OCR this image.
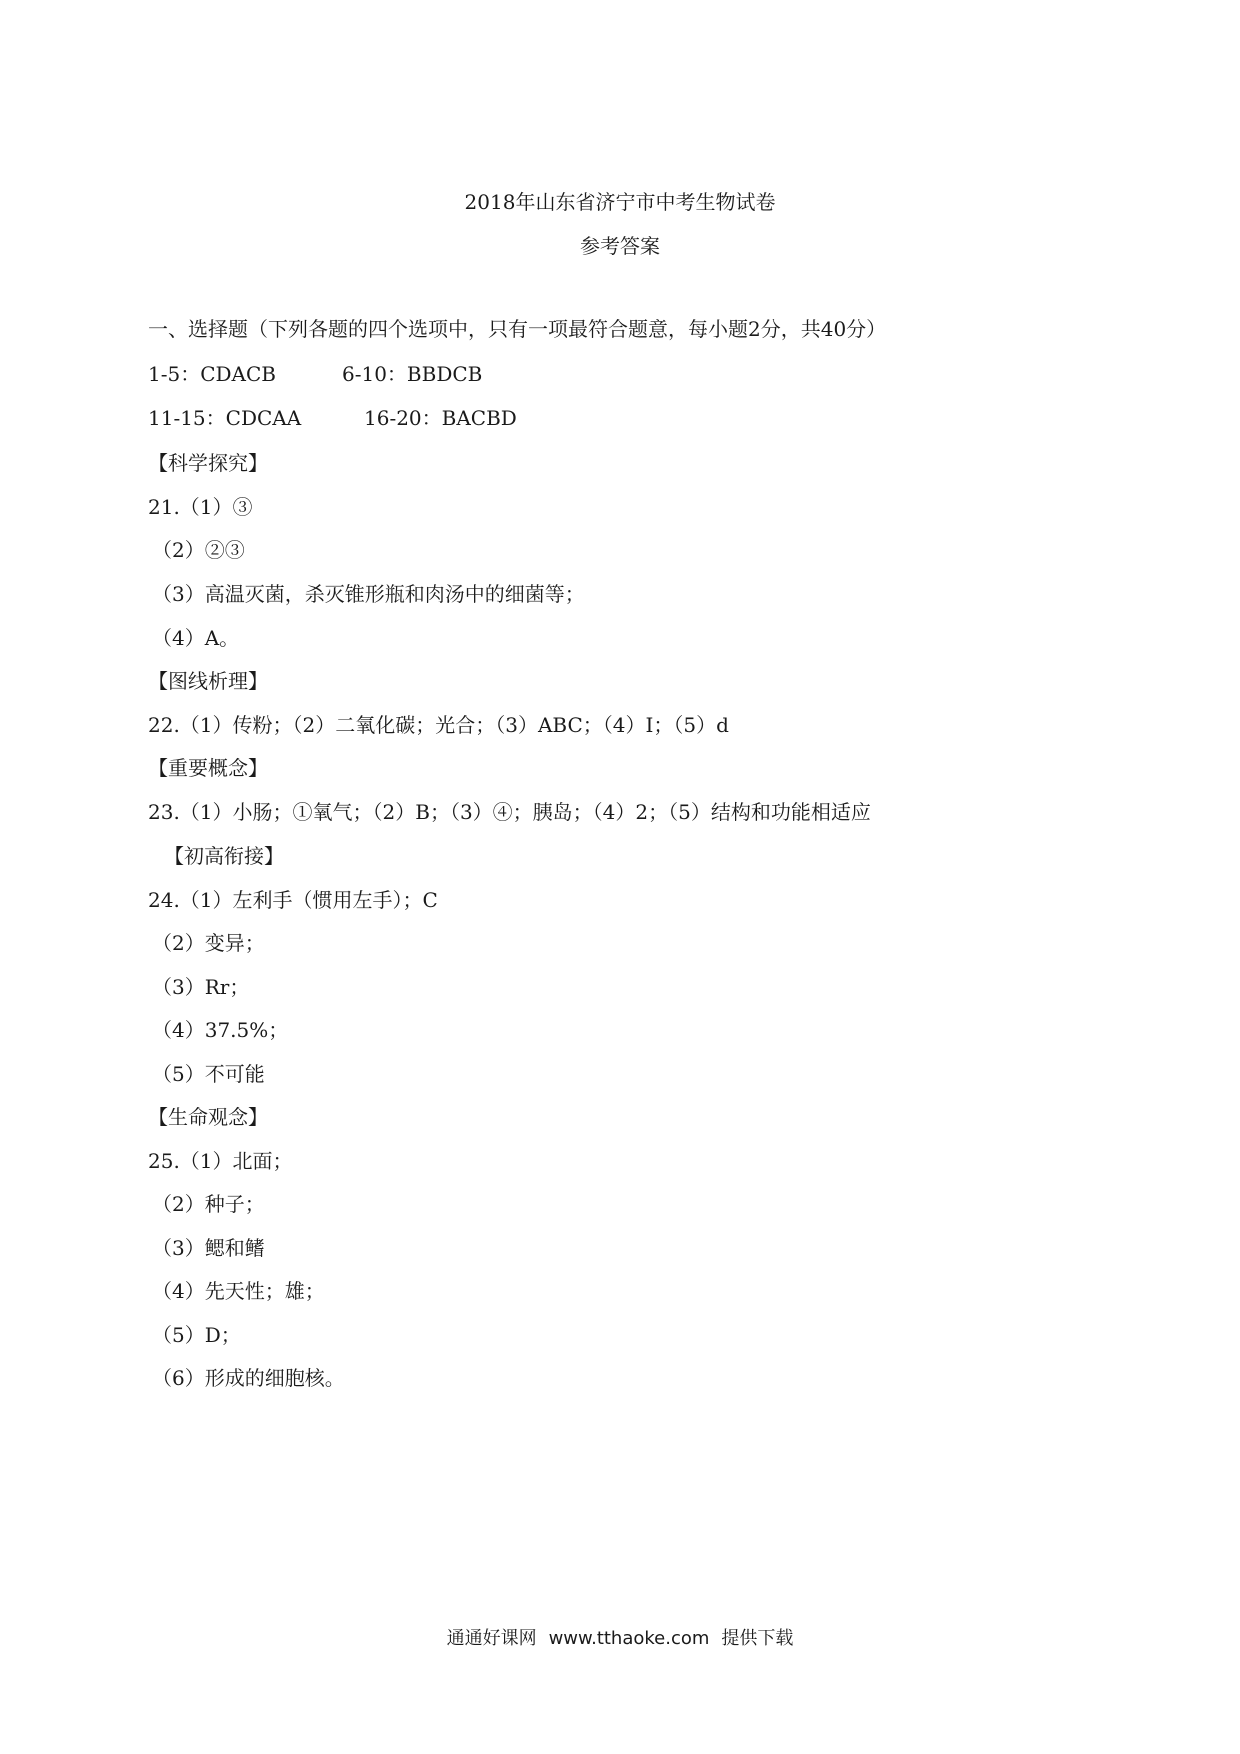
2018年山东省济宁市中考生物试卷
参考答案
一、选择题（下列各题的四个选项中，只有一项最符合题意，每小题2分，共40分）
1-5：CDACB	6-10：BBDCB
11-15：CDCAA	16-20：BACBD
【科学探究】
21.（1）③
（2）②③
（3）高温灭菌，杀灭锥形瓶和肉汤中的细菌等；
（4）A。
【图线析理】
22.（1）传粉；（2）二氧化碳；光合；（3）ABC；（4）Ⅰ；（5）d
【重要概念】
23.（1）小肠；①氧气；（2）B；（3）④；胰岛；（4）2；（5）结构和功能相适应
【初高衔接】
24.（1）左利手（惯用左手）；C
（2）变异；
（3）Rr；
（4）37.5%；
（5）不可能
【生命观念】
25.（1）北面；
（2）种子；
（3）鳃和鳍
（4）先天性；雄；
（5）D；
（6）形成的细胞核。
通通好课网 www.tthaoke.com 提供下载
